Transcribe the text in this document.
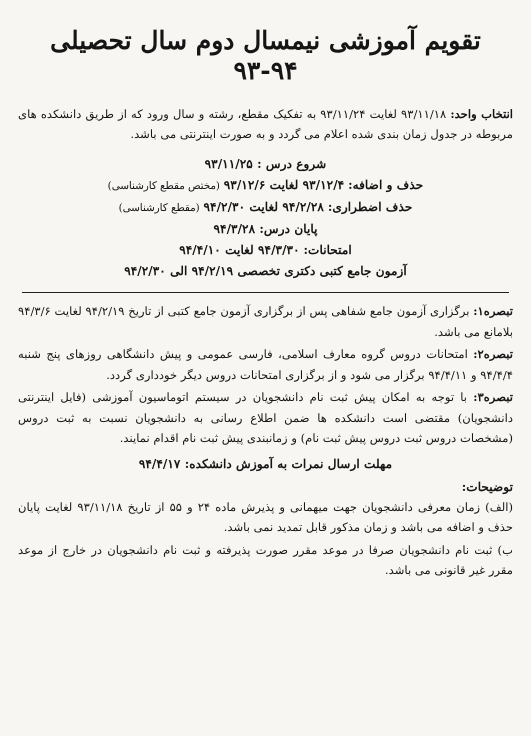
تقویم آموزشی نیمسال دوم سال تحصیلی ۹۴-۹۳

انتخاب واحد: ۹۳/۱۱/۱۸ لغایت ۹۳/۱۱/۲۴ به تفکیک مقطع، رشته و سال ورود که از طریق دانشکده های مربوطه در جدول زمان بندی شده اعلام می گردد و به صورت اینترنتی می باشد.

شروع درس : ۹۳/۱۱/۲۵
حذف و اضافه: ۹۳/۱۲/۴ لغایت ۹۳/۱۲/۶ (مختص مقطع کارشناسی)
حذف اضطراری: ۹۴/۲/۲۸ لغایت ۹۴/۲/۳۰ (مقطع کارشناسی)
پایان درس: ۹۴/۳/۲۸
امتحانات: ۹۴/۳/۳۰ لغایت ۹۴/۴/۱۰
آزمون جامع کتبی دکتری تخصصی ۹۴/۲/۱۹ الی ۹۴/۲/۳۰

تبصره۱: برگزاری آزمون جامع شفاهی پس از برگزاری آزمون جامع کتبی از تاریخ ۹۴/۲/۱۹ لغایت ۹۴/۳/۶ بلامانع می باشد.

تبصره۲: امتحانات دروس گروه معارف اسلامی، فارسی عمومی و پیش دانشگاهی روزهای پنج شنبه ۹۴/۴/۴ و ۹۴/۴/۱۱ برگزار می شود و از برگزاری امتحانات دروس دیگر خودداری گردد.

تبصره۳: با توجه به امکان پیش ثبت نام دانشجویان در سیستم اتوماسیون آموزشی (فایل اینترنتی دانشجویان) مقتضی است دانشکده ها ضمن اطلاع رسانی به دانشجویان نسبت به ثبت دروس (مشخصات دروس ثبت دروس پیش ثبت نام) و زمانبندی پیش ثبت نام اقدام نمایند.

مهلت ارسال نمرات به آموزش دانشکده: ۹۴/۴/۱۷
توضیحات:

(الف) زمان معرفی دانشجویان جهت میهمانی و پذیرش ماده ۲۴ و ۵۵ از تاریخ ۹۳/۱۱/۱۸ لغایت پایان حذف و اضافه می باشد و زمان مذکور قابل تمدید نمی باشد.

ب) ثبت نام دانشجویان صرفا در موعد مقرر صورت پذیرفته و ثبت نام دانشجویان در خارج از موعد مقرر غیر قانونی می باشد.
